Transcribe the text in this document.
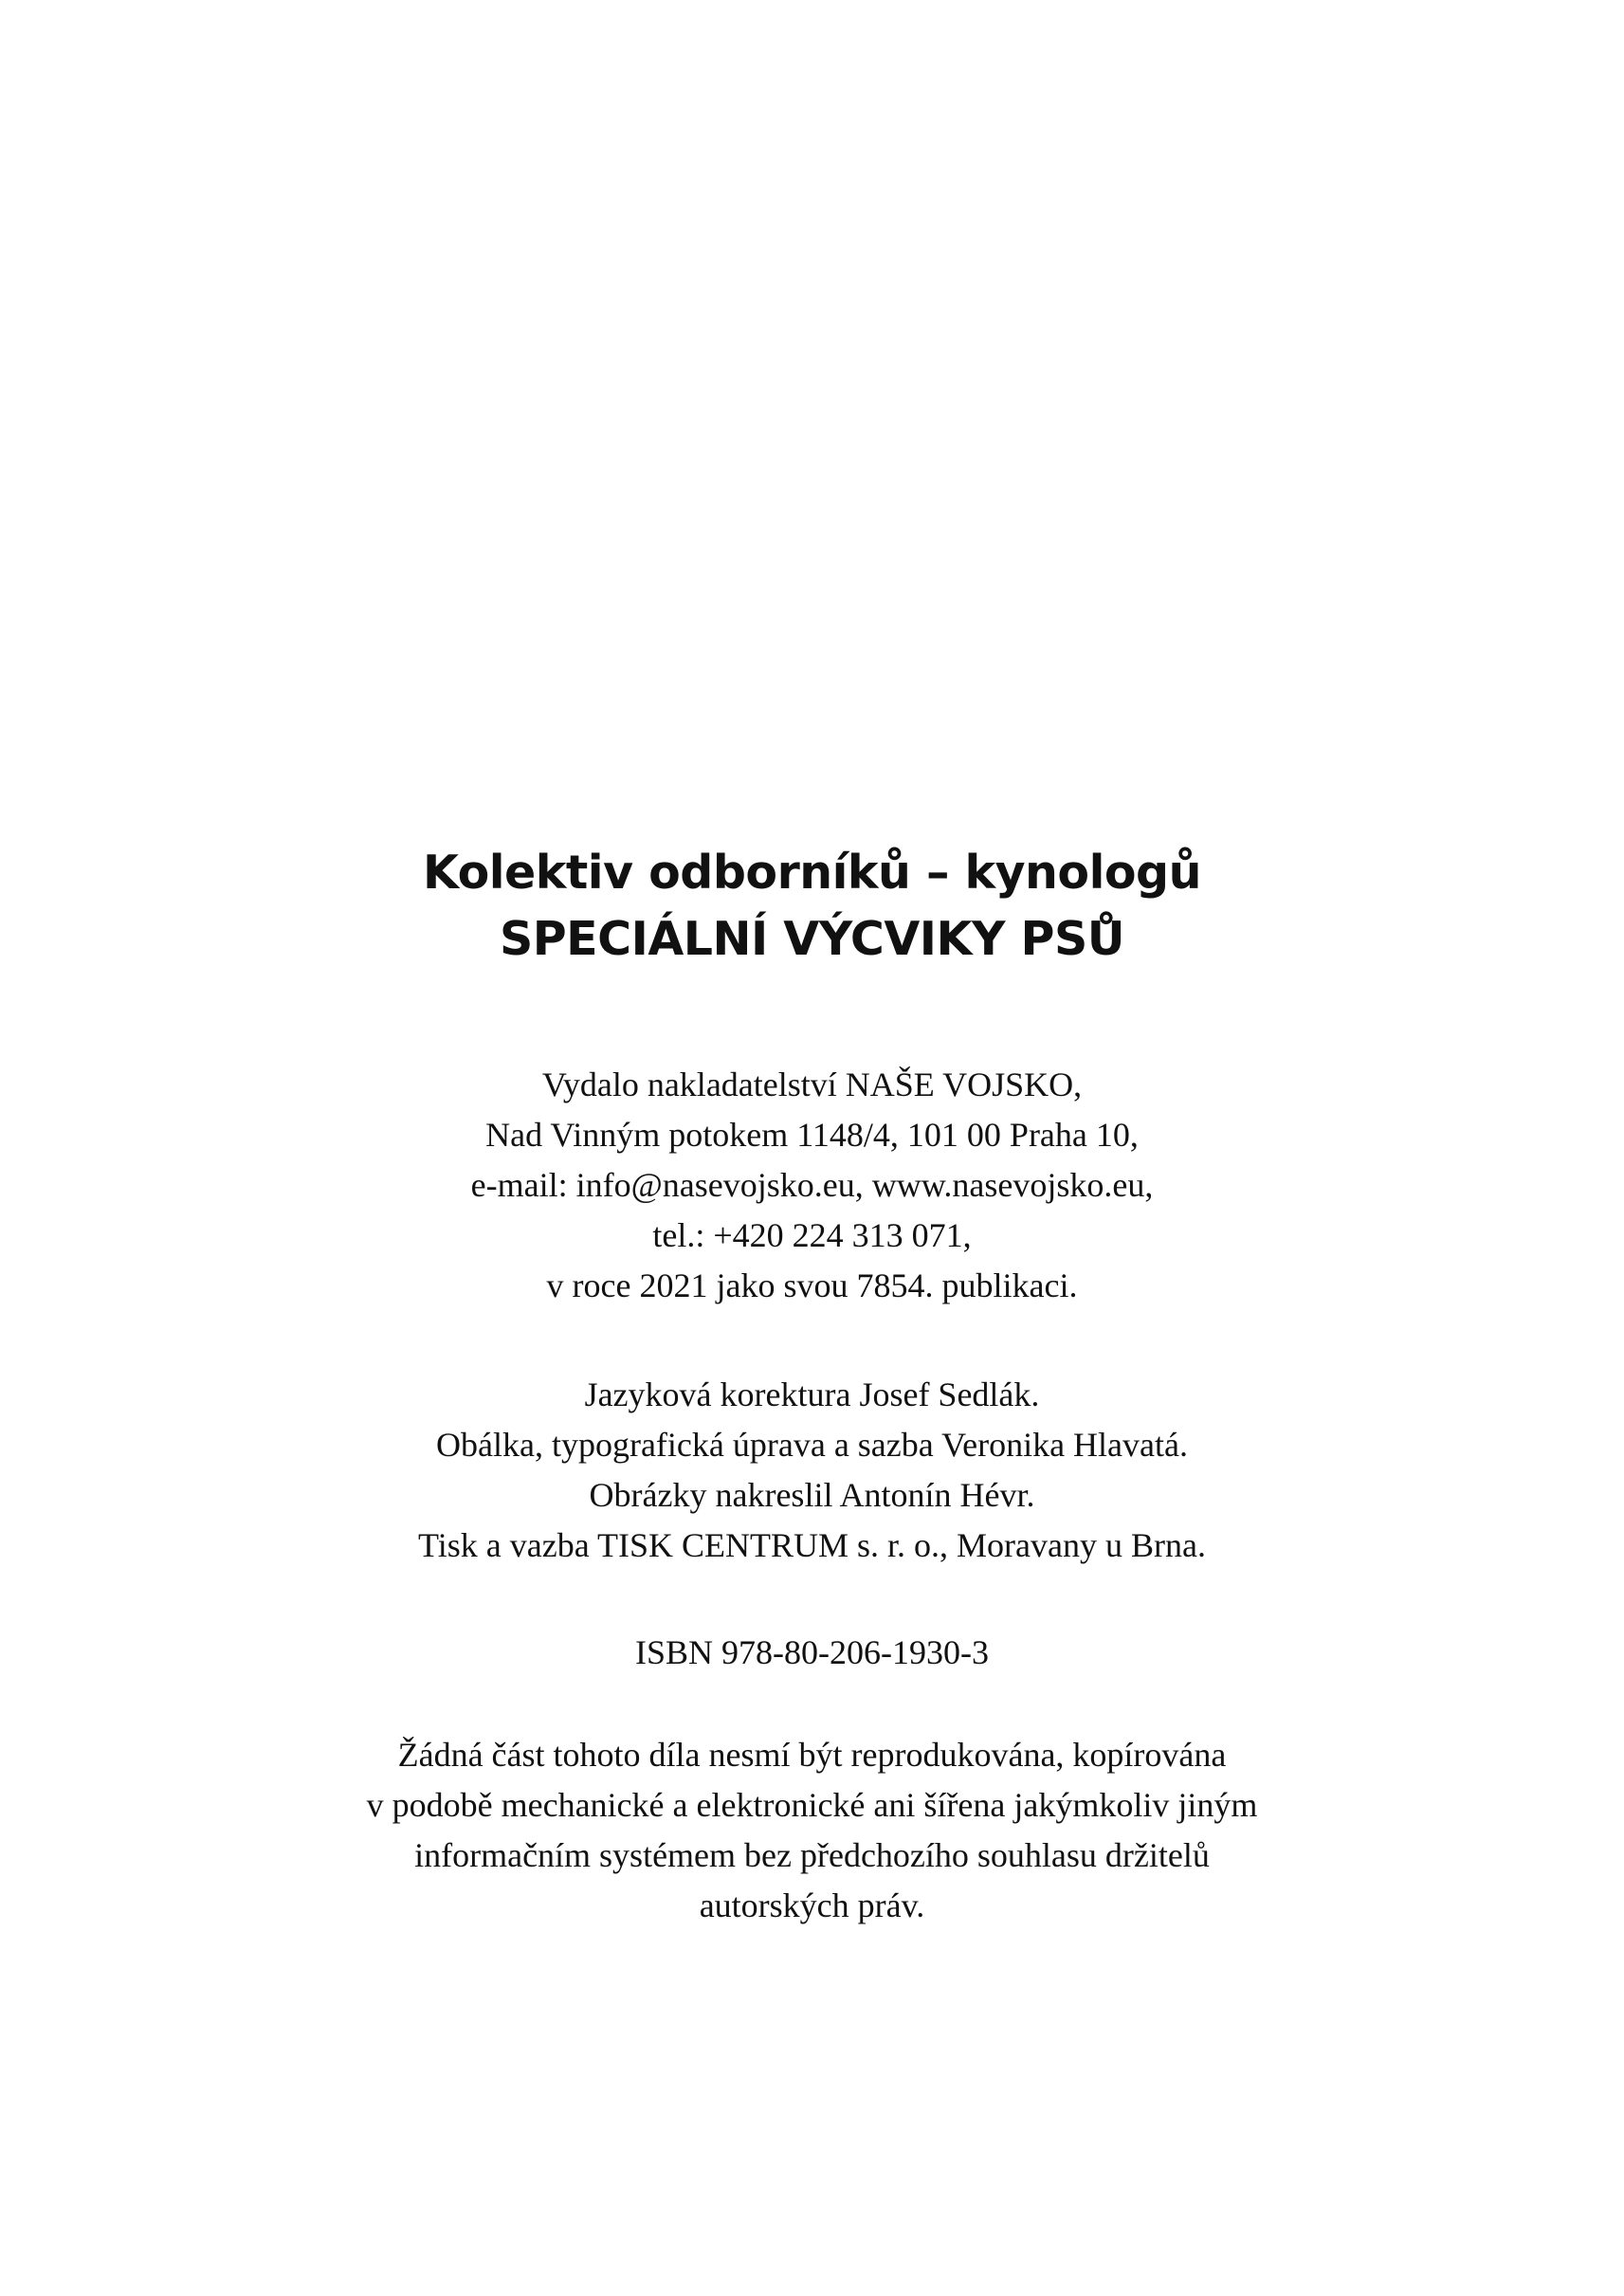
Kolektiv odborníků – kynologů
SPECIÁLNÍ VÝCVIKY PSŮ
Vydalo nakladatelství NAŠE VOJSKO,
Nad Vinným potokem 1148/4, 101 00 Praha 10,
e-mail: info@nasevojsko.eu, www.nasevojsko.eu,
tel.: +420 224 313 071,
v roce 2021 jako svou 7854. publikaci.
Jazyková korektura Josef Sedlák.
Obálka, typografická úprava a sazba Veronika Hlavatá.
Obrázky nakreslil Antonín Hévr.
Tisk a vazba TISK CENTRUM s. r. o., Moravany u Brna.
ISBN 978-80-206-1930-3
Žádná část tohoto díla nesmí být reprodukována, kopírována
v podobě mechanické a elektronické ani šířena jakýmkoliv jiným
informačním systémem bez předchozího souhlasu držitelů
autorských práv.
